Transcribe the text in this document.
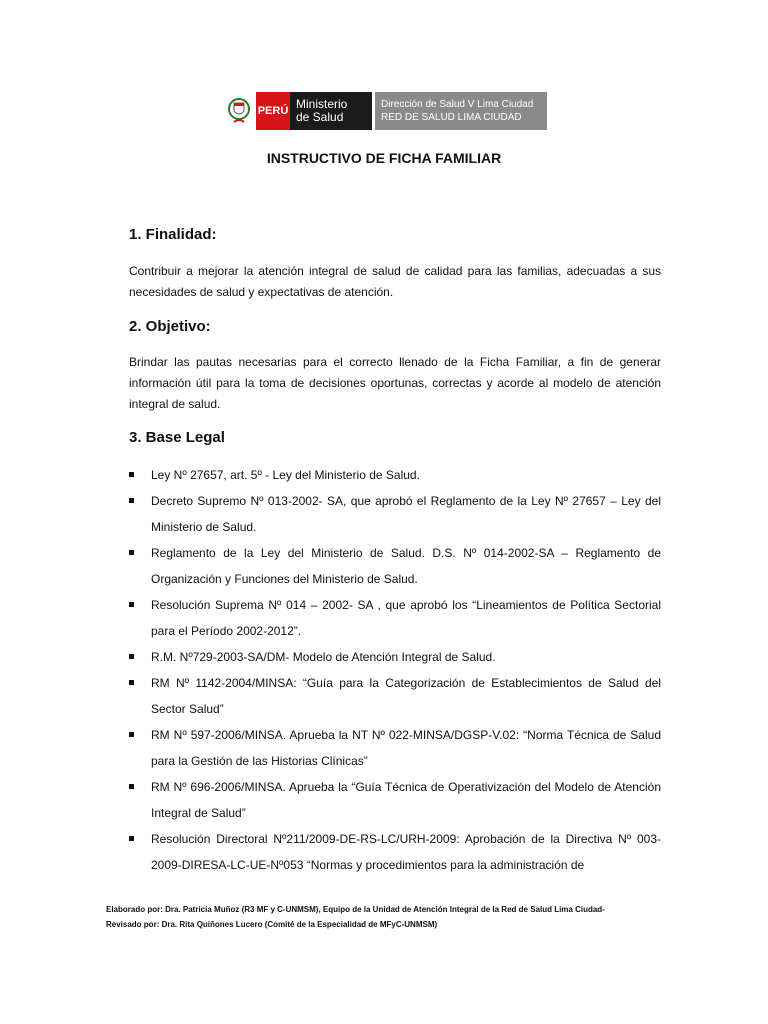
PERÚ Ministerio
de Salud
Dirección de Salud V Lima Ciudad
RED DE SALUD LIMA CIUDAD
INSTRUCTIVO DE FICHA FAMILIAR
1. Finalidad:

Contribuir a mejorar la atención integral de salud de calidad para las familias, adecuadas a sus necesidades de salud y expectativas de atención.

2. Objetivo:

Brindar las pautas necesarias para el correcto llenado de la Ficha Familiar, a fin de generar información útil para la toma de decisiones oportunas, correctas y acorde al modelo de atención integral de salud.

3. Base Legal
Ley Nº 27657, art. 5º - Ley del Ministerio de Salud.
Decreto Supremo Nº 013-2002- SA, que aprobó el Reglamento de la Ley Nº 27657 – Ley del Ministerio de Salud.
Reglamento de la Ley del Ministerio de Salud. D.S. Nº 014-2002-SA – Reglamento de Organización y Funciones del Ministerio de Salud.
Resolución Suprema Nº 014 – 2002- SA , que aprobó los “Lineamientos de Política Sectorial para el Período 2002-2012”.
R.M. Nº729-2003-SA/DM- Modelo de Atención Integral de Salud.
RM Nº 1142-2004/MINSA: “Guía para la Categorización de Establecimientos de Salud del Sector Salud”
RM Nº 597-2006/MINSA. Aprueba la NT Nº 022-MINSA/DGSP-V.02: “Norma Técnica de Salud para la Gestión de las Historias Clínicas”
RM Nº 696-2006/MINSA. Aprueba la “Guía Técnica de Operativización del Modelo de Atención Integral de Salud”
Resolución Directoral Nº211/2009-DE-RS-LC/URH-2009: Aprobación de la Directiva Nº 003-2009-DIRESA-LC-UE-Nº053 “Normas y procedimientos para la administración de
Elaborado por: Dra. Patricia Muñoz (R3 MF y C-UNMSM), Equipo de la Unidad de Atención Integral de la Red de Salud Lima Ciudad-
Revisado por: Dra. Rita Quiñones Lucero (Comité de la Especialidad de MFyC-UNMSM)
